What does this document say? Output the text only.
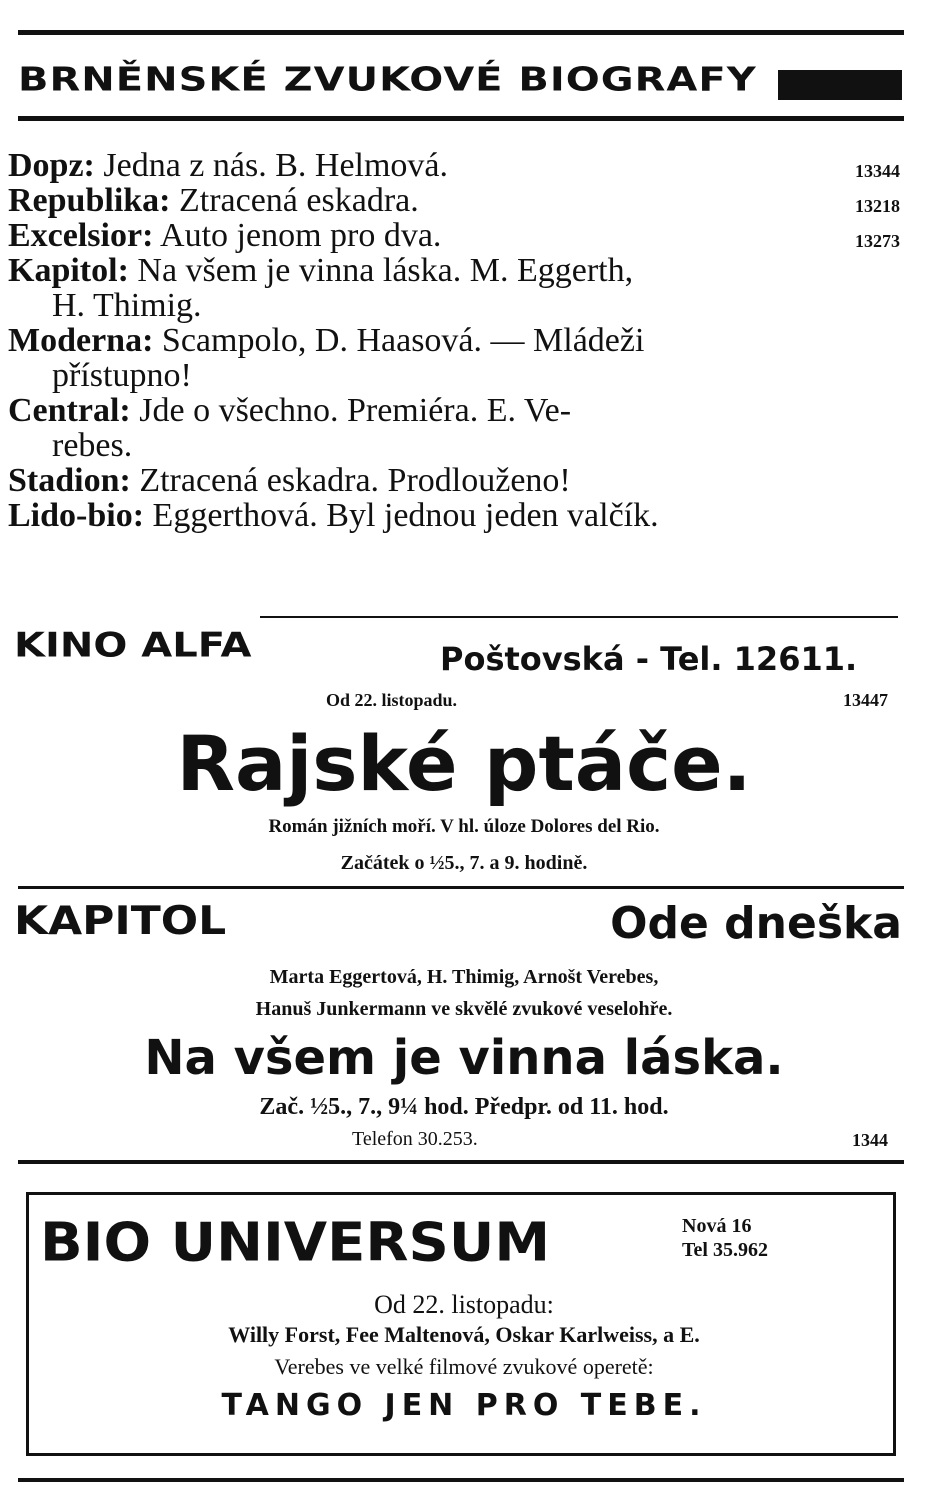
BRNĚNSKÉ ZVUKOVÉ BIOGRAFY
Dopz: Jedna z nás. B. Helmová.	13344
Republika: Ztracená eskadra.	13218
Excelsior: Auto jenom pro dva.	13273
Kapitol: Na všem je vinna láska. M. Eggerth,
H. Thimig.
Moderna: Scampolo, D. Haasová. — Mládeži
přístupno!
Central: Jde o všechno. Premiéra. E. Ve-
rebes.
Stadion: Ztracená eskadra. Prodlouženo!
Lido-bio: Eggerthová. Byl jednou jeden valčík.
KINO ALFA	Poštovská - Tel. 12611.
Od 22. listopadu.	13447
Rajské ptáče.
Román jižních moří. V hl. úloze Dolores del Rio.
Začátek o ½5., 7. a 9. hodině.
KAPITOL	Ode dneška
Marta Eggertová, H. Thimig, Arnošt Verebes,
Hanuš Junkermann ve skvělé zvukové veselohře.
Na všem je vinna láska.
Zač. ½5., 7., 9¼ hod. Předpr. od 11. hod.
Telefon 30.253.	1344
BIO UNIVERSUM	Nová 16
Tel 35.962
Od 22. listopadu:
Willy Forst, Fee Maltenová, Oskar Karlweiss, a E.
Verebes ve velké filmové zvukové operetě:
TANGO JEN PRO TEBE.
